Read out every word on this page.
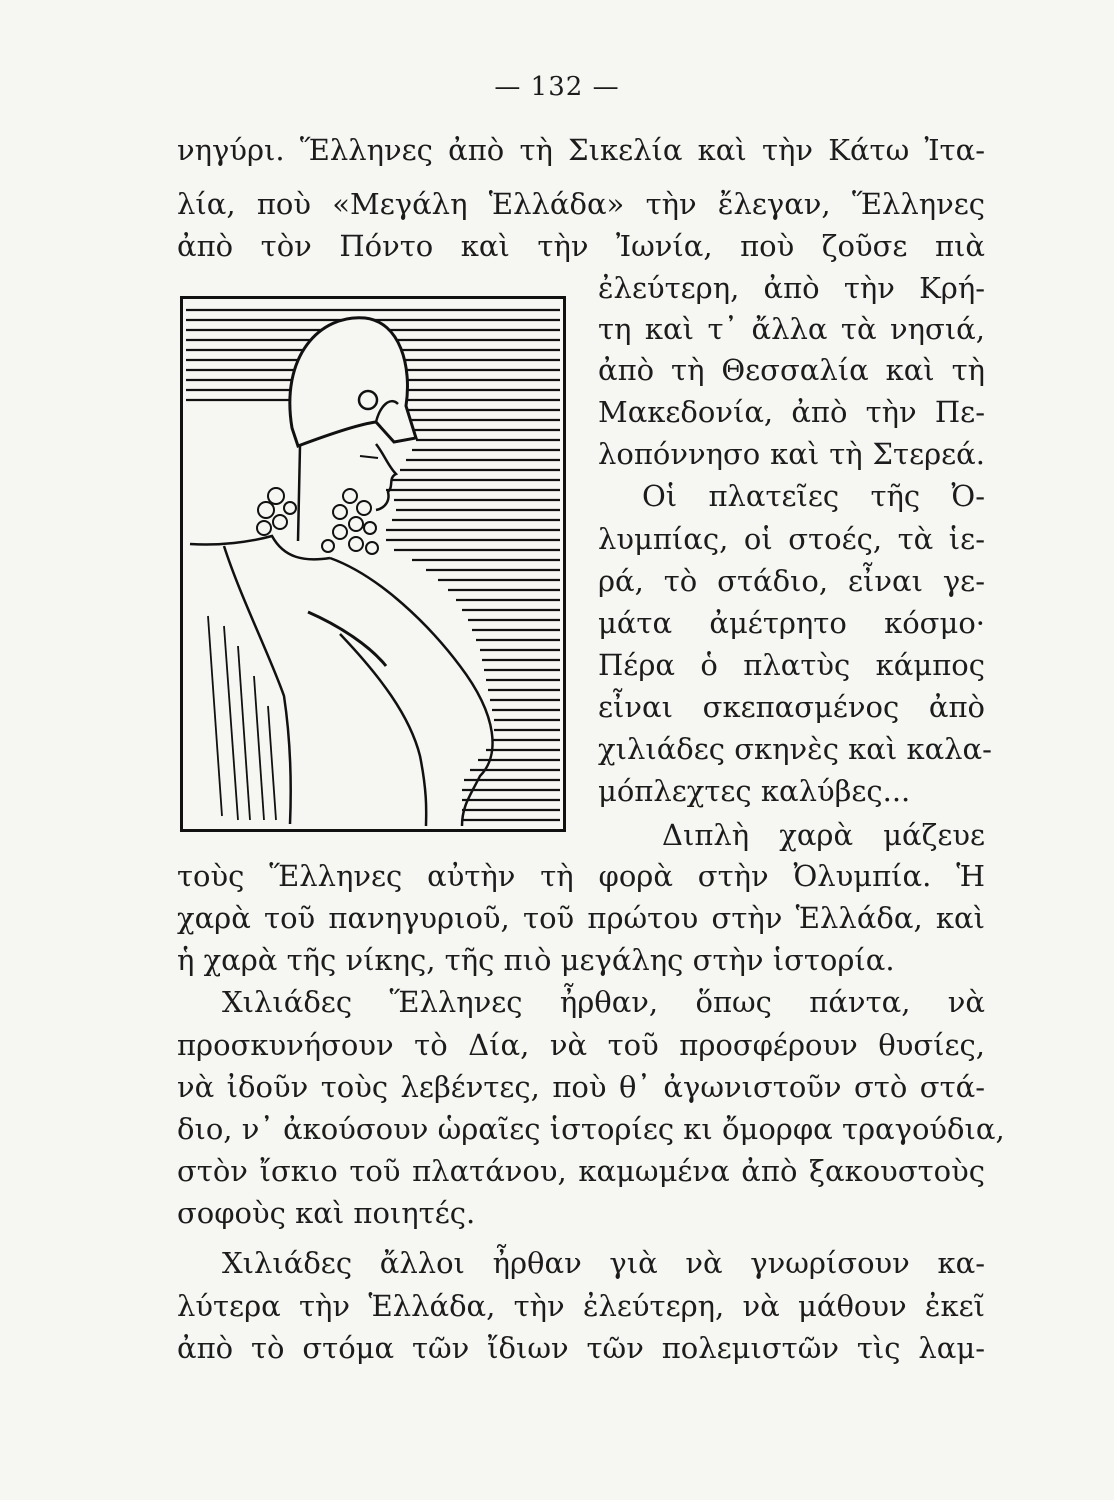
— 132 —
νηγύρι. Ἕλληνες ἀπὸ τὴ Σικελία καὶ τὴν Κάτω Ἰτα-
λία, ποὺ «Μεγάλη Ἑλλάδα» τὴν ἔλεγαν, Ἕλληνες
ἀπὸ τὸν Πόντο καὶ τὴν Ἰωνία, ποὺ ζοῦσε πιὰ
ἐλεύτερη, ἀπὸ τὴν Κρή-
τη καὶ τ᾽ ἄλλα τὰ νησιά,
ἀπὸ τὴ Θεσσαλία καὶ τὴ
Μακεδονία, ἀπὸ τὴν Πε-
λοπόννησο καὶ τὴ Στερεά.
Οἱ πλατεῖες τῆς Ὀ-
λυμπίας, οἱ στοές, τὰ ἱε-
ρά, τὸ στάδιο, εἶναι γε-
μάτα ἀμέτρητο κόσμο·
Πέρα ὁ πλατὺς κάμπος
εἶναι σκεπασμένος ἀπὸ
χιλιάδες σκηνὲς καὶ καλα-
μόπλεχτες καλύβες...
Διπλὴ χαρὰ μάζευε
τοὺς Ἕλληνες αὐτὴν τὴ φορὰ στὴν Ὀλυμπία. Ἡ
χαρὰ τοῦ πανηγυριοῦ, τοῦ πρώτου στὴν Ἑλλάδα, καὶ
ἡ χαρὰ τῆς νίκης, τῆς πιὸ μεγάλης στὴν ἱστορία.
Χιλιάδες Ἕλληνες ἦρθαν, ὅπως πάντα, νὰ
προσκυνήσουν τὸ Δία, νὰ τοῦ προσφέρουν θυσίες,
νὰ ἰδοῦν τοὺς λεβέντες, ποὺ θ᾽ ἀγωνιστοῦν στὸ στά-
διο, ν᾽ ἀκούσουν ὡραῖες ἱστορίες κι ὄμορφα τραγούδια,
στὸν ἴσκιο τοῦ πλατάνου, καμωμένα ἀπὸ ξακουστοὺς
σοφοὺς καὶ ποιητές.
Χιλιάδες ἄλλοι ἦρθαν γιὰ νὰ γνωρίσουν κα-
λύτερα τὴν Ἑλλάδα, τὴν ἐλεύτερη, νὰ μάθουν ἐκεῖ
ἀπὸ τὸ στόμα τῶν ἴδιων τῶν πολεμιστῶν τὶς λαμ-
